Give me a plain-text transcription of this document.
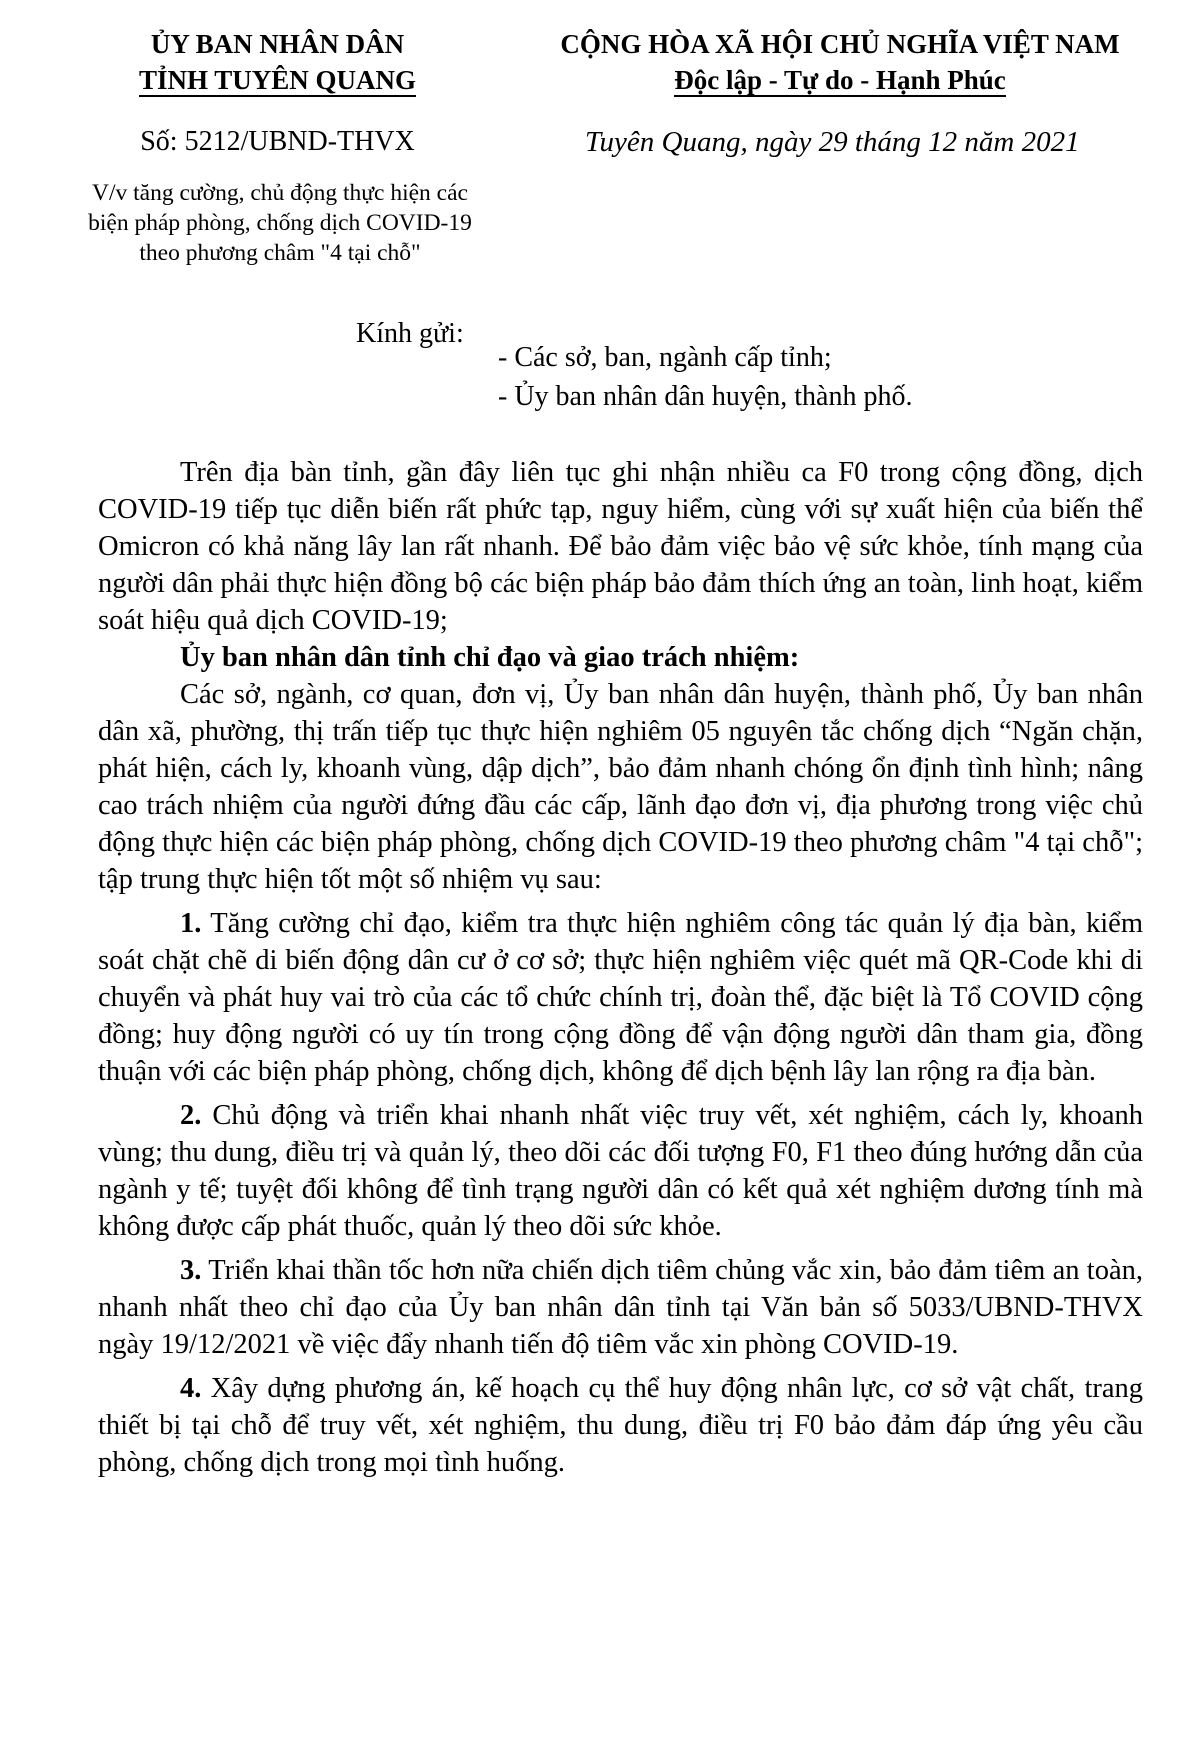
ỦY BAN NHÂN DÂN
TỈNH TUYÊN QUANG
CỘNG HÒA XÃ HỘI CHỦ NGHĨA VIỆT NAM
Độc lập - Tự do - Hạnh Phúc
Số: 5212/UBND-THVX	Tuyên Quang, ngày 29 tháng 12 năm 2021
V/v tăng cường, chủ động thực hiện các
biện pháp phòng, chống dịch COVID-19
theo phương châm "4 tại chỗ"
Kính gửi:
- Các sở, ban, ngành cấp tỉnh;
- Ủy ban nhân dân huyện, thành phố.

Trên địa bàn tỉnh, gần đây liên tục ghi nhận nhiều ca F0 trong cộng đồng, dịch COVID-19 tiếp tục diễn biến rất phức tạp, nguy hiểm, cùng với sự xuất hiện của biến thể Omicron có khả năng lây lan rất nhanh. Để bảo đảm việc bảo vệ sức khỏe, tính mạng của người dân phải thực hiện đồng bộ các biện pháp bảo đảm thích ứng an toàn, linh hoạt, kiểm soát hiệu quả dịch COVID-19;

Ủy ban nhân dân tỉnh chỉ đạo và giao trách nhiệm:

Các sở, ngành, cơ quan, đơn vị, Ủy ban nhân dân huyện, thành phố, Ủy ban nhân dân xã, phường, thị trấn tiếp tục thực hiện nghiêm 05 nguyên tắc chống dịch “Ngăn chặn, phát hiện, cách ly, khoanh vùng, dập dịch”, bảo đảm nhanh chóng ổn định tình hình; nâng cao trách nhiệm của người đứng đầu các cấp, lãnh đạo đơn vị, địa phương trong việc chủ động thực hiện các biện pháp phòng, chống dịch COVID-19 theo phương châm "4 tại chỗ"; tập trung thực hiện tốt một số nhiệm vụ sau:

1. Tăng cường chỉ đạo, kiểm tra thực hiện nghiêm công tác quản lý địa bàn, kiểm soát chặt chẽ di biến động dân cư ở cơ sở; thực hiện nghiêm việc quét mã QR-Code khi di chuyển và phát huy vai trò của các tổ chức chính trị, đoàn thể, đặc biệt là Tổ COVID cộng đồng; huy động người có uy tín trong cộng đồng để vận động người dân tham gia, đồng thuận với các biện pháp phòng, chống dịch, không để dịch bệnh lây lan rộng ra địa bàn.

2. Chủ động và triển khai nhanh nhất việc truy vết, xét nghiệm, cách ly, khoanh vùng; thu dung, điều trị và quản lý, theo dõi các đối tượng F0, F1 theo đúng hướng dẫn của ngành y tế; tuyệt đối không để tình trạng người dân có kết quả xét nghiệm dương tính mà không được cấp phát thuốc, quản lý theo dõi sức khỏe.

3. Triển khai thần tốc hơn nữa chiến dịch tiêm chủng vắc xin, bảo đảm tiêm an toàn, nhanh nhất theo chỉ đạo của Ủy ban nhân dân tỉnh tại Văn bản số 5033/UBND-THVX ngày 19/12/2021 về việc đẩy nhanh tiến độ tiêm vắc xin phòng COVID-19.

4. Xây dựng phương án, kế hoạch cụ thể huy động nhân lực, cơ sở vật chất, trang thiết bị tại chỗ để truy vết, xét nghiệm, thu dung, điều trị F0 bảo đảm đáp ứng yêu cầu phòng, chống dịch trong mọi tình huống.
